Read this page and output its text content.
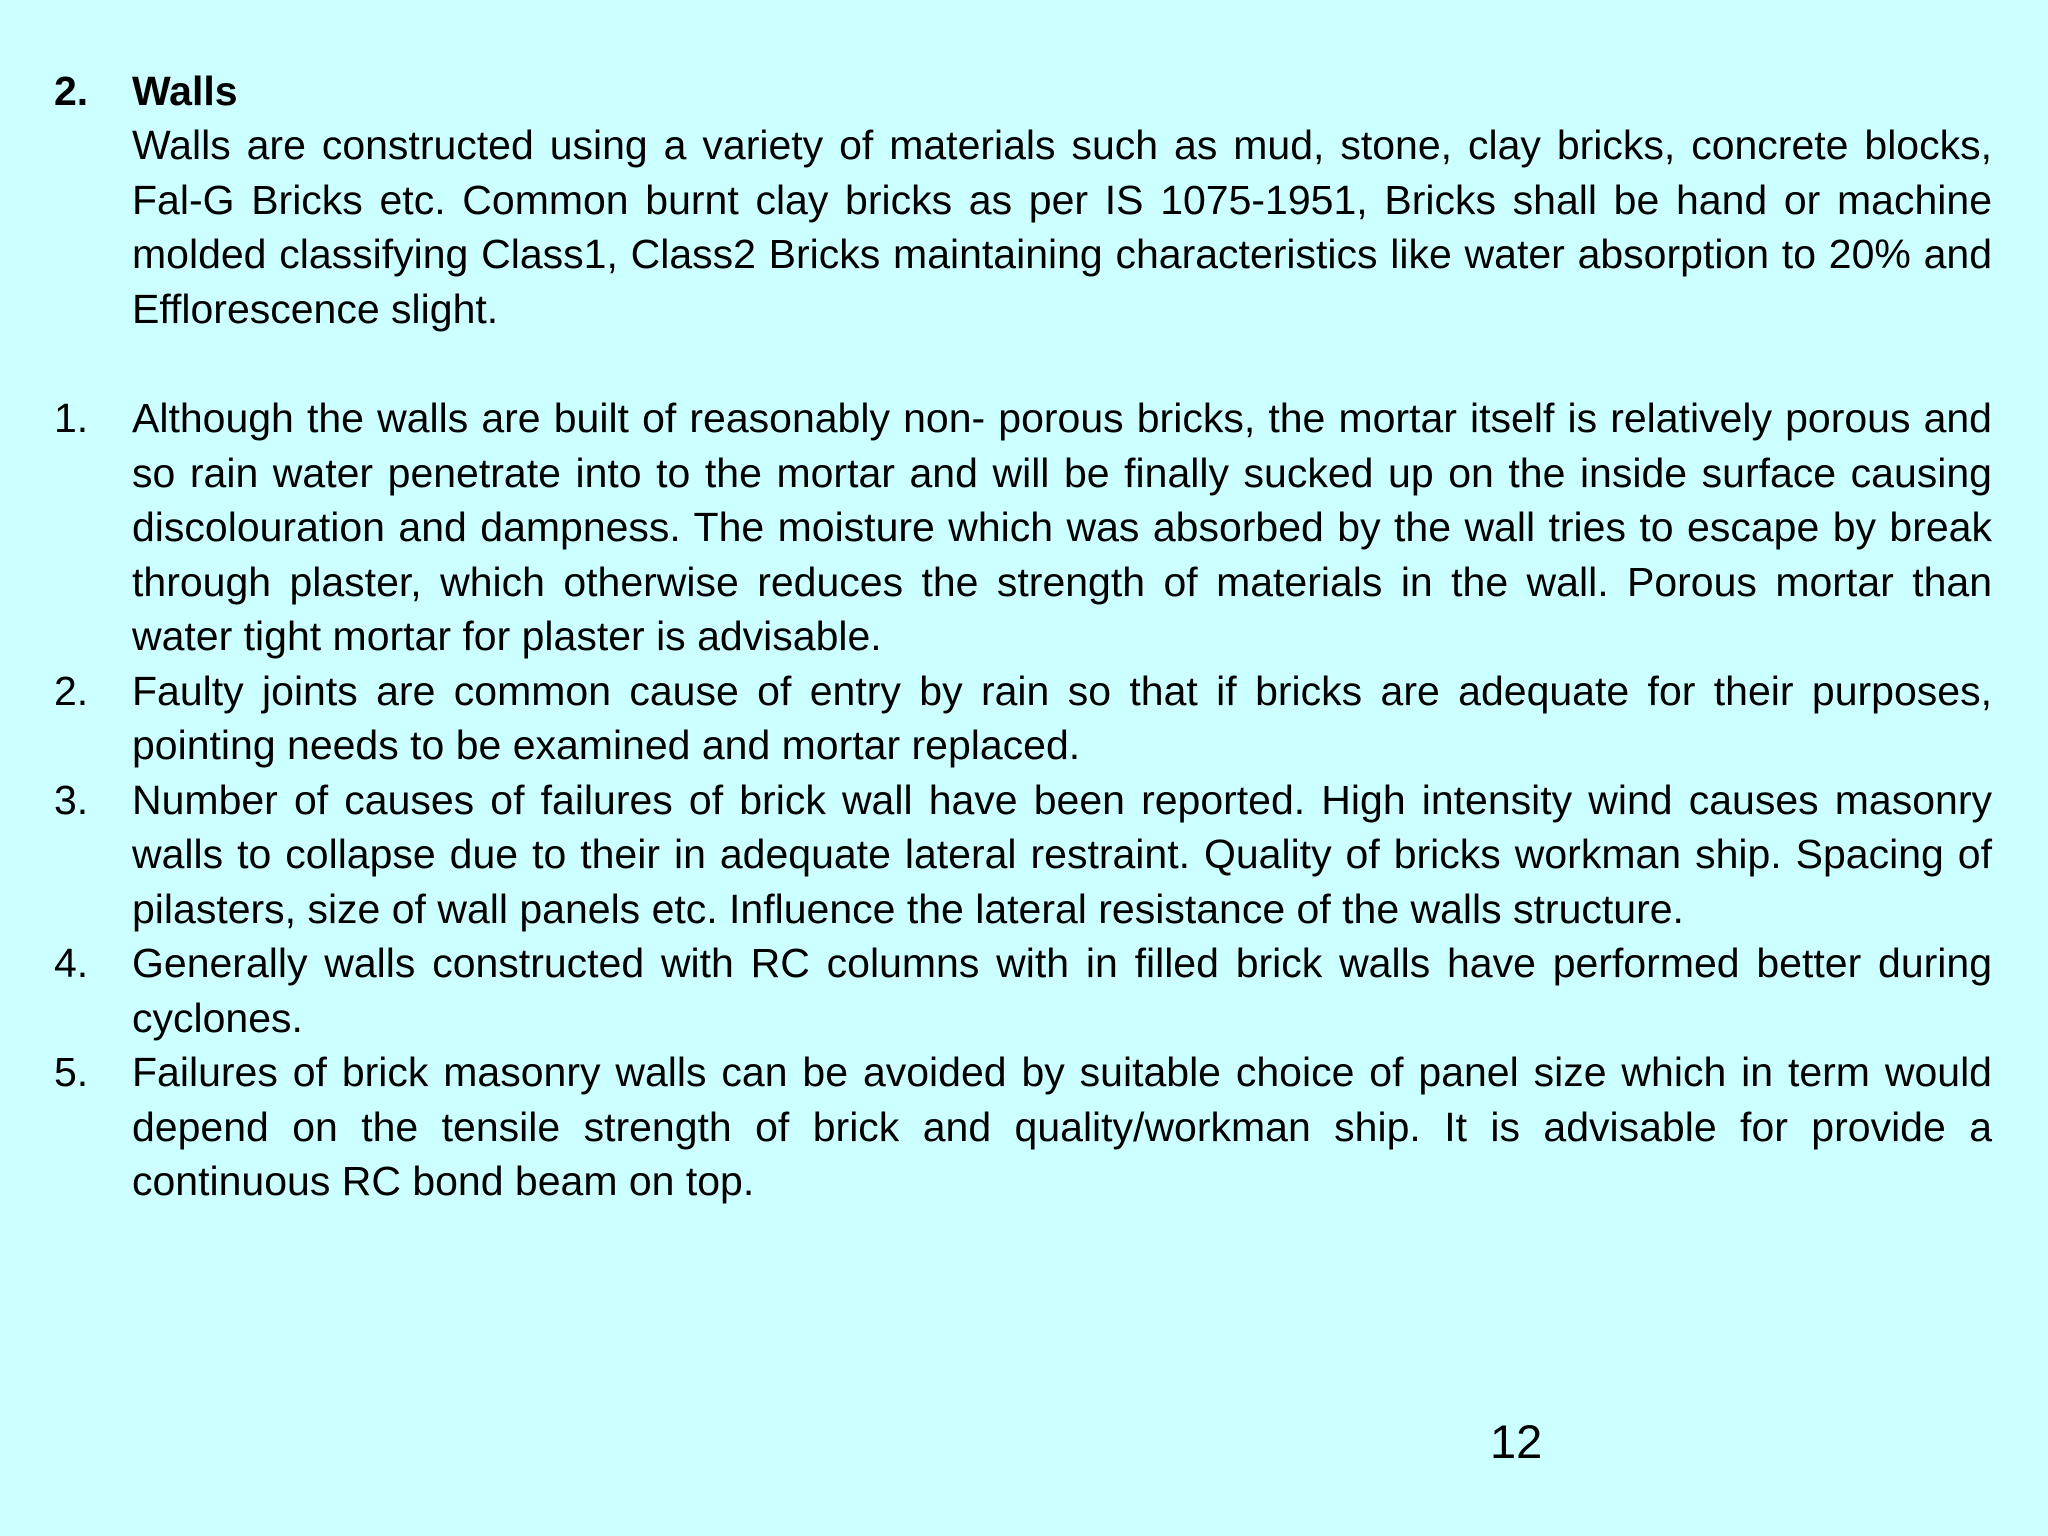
2.	Walls

Walls are constructed using a variety of materials such as mud, stone, clay bricks, concrete blocks, Fal-G Bricks etc. Common burnt clay bricks as per IS 1075-1951, Bricks shall be hand or machine molded classifying Class1, Class2 Bricks maintaining characteristics like water absorption to 20% and Efflorescence slight.

1.	Although the walls are built of reasonably non- porous bricks, the mortar itself is relatively porous and so rain water penetrate into to the mortar and will be finally sucked up on the inside surface causing discolouration and dampness. The moisture which was absorbed by the wall tries to escape by break through plaster, which otherwise reduces the strength of materials in the wall. Porous mortar than water tight mortar for plaster is advisable.
2.	Faulty joints are common cause of entry by rain so that if bricks are adequate for their purposes, pointing needs to be examined and mortar replaced.
3.	Number of causes of failures of brick wall have been reported. High intensity wind causes masonry walls to collapse due to their in adequate lateral restraint. Quality of bricks workman ship. Spacing of pilasters, size of wall panels etc. Influence the lateral resistance of the walls structure.
4.	Generally walls constructed with RC columns with in filled brick walls have performed better during cyclones.
5.	Failures of brick masonry walls can be avoided by suitable choice of panel size which in term would depend on the tensile strength of brick and quality/workman ship. It is advisable for provide a continuous RC bond beam on top.
12
